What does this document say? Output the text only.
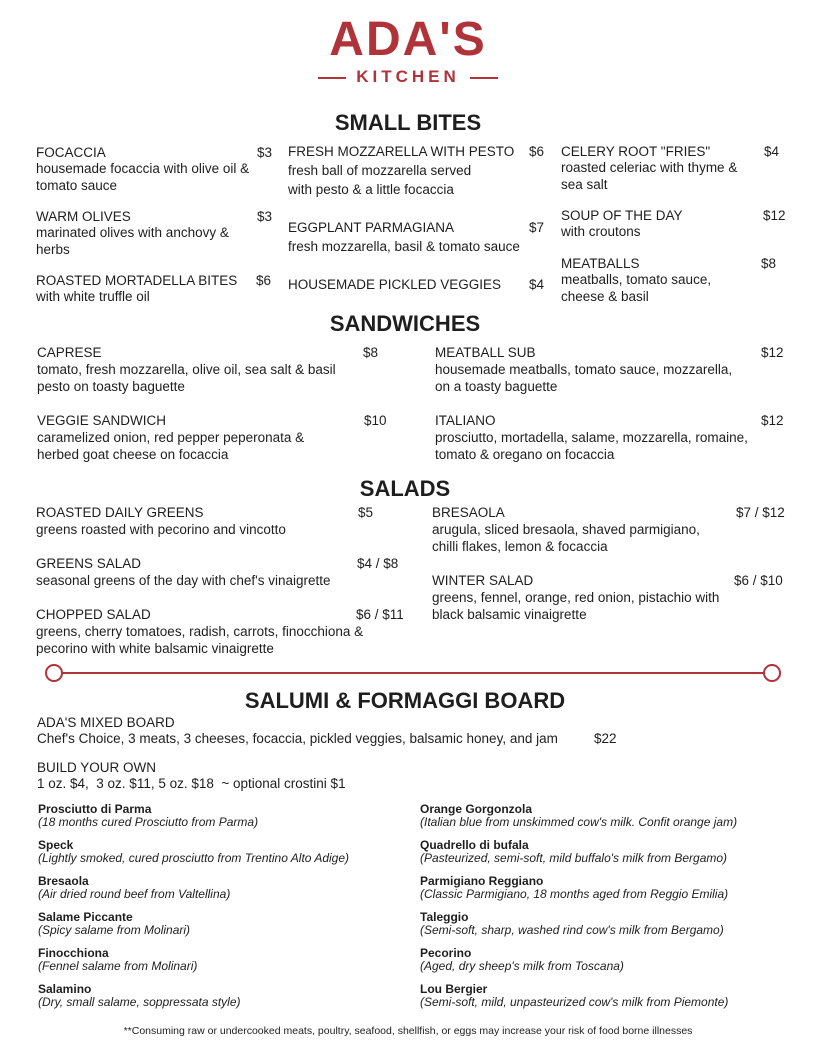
ADA'S
KITCHEN
SMALL BITES
FOCACCIA	$3
housemade focaccia with olive oil & tomato sauce
WARM OLIVES	$3
marinated olives with anchovy & herbs
ROASTED MORTADELLA BITES $6
with white truffle oil
FRESH MOZZARELLA WITH PESTO $6
fresh ball of mozzarella served with pesto & a little focaccia
EGGPLANT PARMAGIANA	$7
fresh mozzarella, basil & tomato sauce
HOUSEMADE PICKLED VEGGIES $4
CELERY ROOT "FRIES"	$4
roasted celeriac with thyme & sea salt
SOUP OF THE DAY	$12
with croutons
MEATBALLS	$8
meatballs, tomato sauce, cheese & basil
SANDWICHES
CAPRESE	$8
tomato, fresh mozzarella, olive oil, sea salt & basil pesto on toasty baguette
VEGGIE SANDWICH	$10
caramelized onion, red pepper peperonata & herbed goat cheese on focaccia
MEATBALL SUB	$12
housemade meatballs, tomato sauce, mozzarella, on a toasty baguette
ITALIANO	$12
prosciutto, mortadella, salame, mozzarella, romaine, tomato & oregano on focaccia
SALADS
ROASTED DAILY GREENS	$5
greens roasted with pecorino and vincotto
GREENS SALAD	$4 / $8
seasonal greens of the day with chef's vinaigrette
CHOPPED SALAD	$6 / $11
greens, cherry tomatoes, radish, carrots, finocchiona & pecorino with white balsamic vinaigrette
BRESAOLA	$7 / $12
arugula, sliced bresaola, shaved parmigiano, chilli flakes, lemon & focaccia
WINTER SALAD	$6 / $10
greens, fennel, orange, red onion, pistachio with black balsamic vinaigrette
SALUMI & FORMAGGI BOARD
ADA'S MIXED BOARD
Chef's Choice, 3 meats, 3 cheeses, focaccia, pickled veggies, balsamic honey, and jam	$22
BUILD YOUR OWN
1 oz. $4,  3 oz. $11, 5 oz. $18  ~ optional crostini $1
Prosciutto di Parma
(18 months cured Prosciutto from Parma)
Speck
(Lightly smoked, cured prosciutto from Trentino Alto Adige)
Bresaola
(Air dried round beef from Valtellina)
Salame Piccante
(Spicy salame from Molinari)
Finocchiona
(Fennel salame from Molinari)
Salamino
(Dry, small salame, soppressata style)
Orange Gorgonzola
(Italian blue from unskimmed cow's milk. Confit orange jam)
Quadrello di bufala
(Pasteurized, semi-soft, mild buffalo's milk from Bergamo)
Parmigiano Reggiano
(Classic Parmigiano, 18 months aged from Reggio Emilia)
Taleggio
(Semi-soft, sharp, washed rind cow's milk from Bergamo)
Pecorino
(Aged, dry sheep's milk from Toscana)
Lou Bergier
(Semi-soft, mild, unpasteurized cow's milk from Piemonte)
**Consuming raw or undercooked meats, poultry, seafood, shellfish, or eggs may increase your risk of food borne illnesses
